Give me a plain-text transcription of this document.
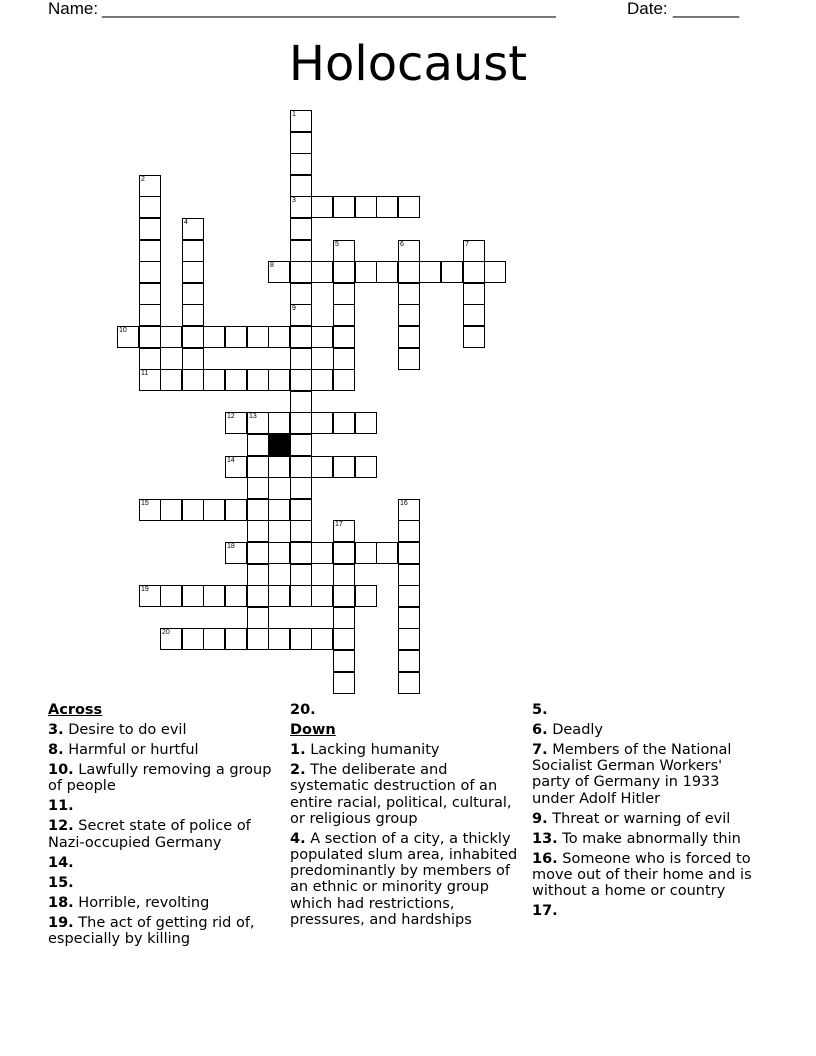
Name: ________________________________________________	Date: _______
Holocaust
3
8
10
11
12 13
14
15
18
19
20
1
9
2
4
5	6	7
16
17
Across
3. Desire to do evil
8. Harmful or hurtful
10. Lawfully removing a group of people
11.
12. Secret state of police of Nazi-occupied Germany
14.
15.
18. Horrible, revolting
19. The act of getting rid of, especially by killing
20.
Down
1. Lacking humanity
2. The deliberate and systematic destruction of an entire racial, political, cultural, or religious group
4. A section of a city, a thickly populated slum area, inhabited predominantly by members of an ethnic or minority group which had restrictions, pressures, and hardships
5.
6. Deadly
7. Members of the National Socialist German Workers' party of Germany in 1933 under Adolf Hitler
9. Threat or warning of evil
13. To make abnormally thin
16. Someone who is forced to move out of their home and is without a home or country
17.
